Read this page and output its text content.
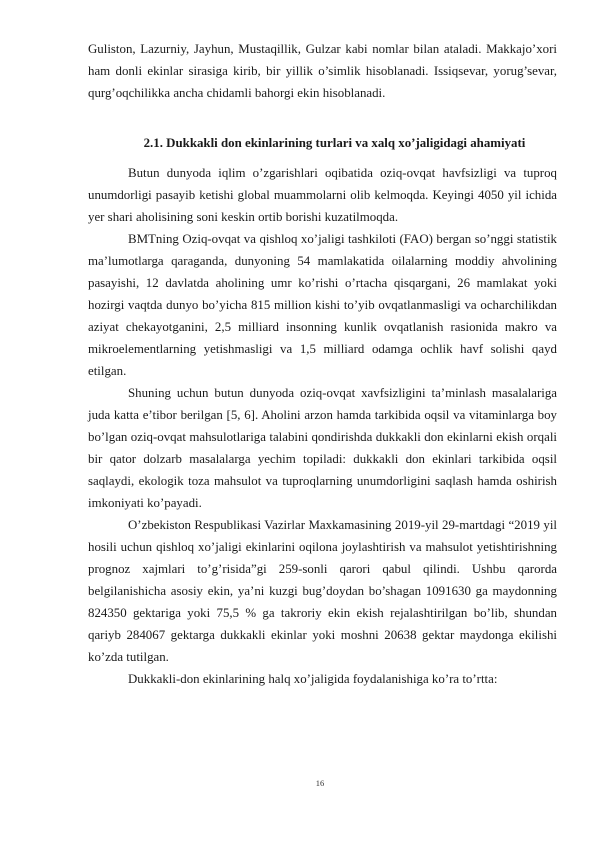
Guliston, Lazurniy, Jayhun, Mustaqillik, Gulzar kabi nomlar bilan ataladi. Makkajo’xori ham donli ekinlar sirasiga kirib, bir yillik o’simlik hisoblanadi. Issiqsevar, yorug’sevar, qurg’oqchilikka ancha chidamli bahorgi ekin hisoblanadi.

2.1. Dukkakli don ekinlarining turlari va xalq xo’jaligidagi ahamiyati

Butun dunyoda iqlim o’zgarishlari oqibatida oziq-ovqat havfsizligi va tuproq unumdorligi pasayib ketishi global muammolarni olib kelmoqda. Keyingi 4050 yil ichida yer shari aholisining soni keskin ortib borishi kuzatilmoqda.

BMTning Oziq-ovqat va qishloq xo’jaligi tashkiloti (FAO) bergan so’nggi statistik ma’lumotlarga qaraganda, dunyoning 54 mamlakatida oilalarning moddiy ahvolining pasayishi, 12 davlatda aholining umr ko’rishi o’rtacha qisqargani, 26 mamlakat yoki hozirgi vaqtda dunyo bo’yicha 815 million kishi to’yib ovqatlanmasligi va ocharchilikdan aziyat chekayotganini, 2,5 milliard insonning kunlik ovqatlanish rasionida makro va mikroelementlarning yetishmasligi va 1,5 milliard odamga ochlik havf solishi qayd etilgan.

Shuning uchun butun dunyoda oziq-ovqat xavfsizligini ta’minlash masalalariga juda katta e’tibor berilgan [5, 6]. Aholini arzon hamda tarkibida oqsil va vitaminlarga boy bo’lgan oziq-ovqat mahsulotlariga talabini qondirishda dukkakli don ekinlarni ekish orqali bir qator dolzarb masalalarga yechim topiladi: dukkakli don ekinlari tarkibida oqsil saqlaydi, ekologik toza mahsulot va tuproqlarning unumdorligini saqlash hamda oshirish imkoniyati ko’payadi.

O’zbekiston Respublikasi Vazirlar Maxkamasining 2019-yil 29-martdagi “2019 yil hosili uchun qishloq xo’jaligi ekinlarini oqilona joylashtirish va mahsulot yetishtirishning prognoz xajmlari to’g’risida”gi 259-sonli qarori qabul qilindi. Ushbu qarorda belgilanishicha asosiy ekin, ya’ni kuzgi bug’doydan bo’shagan 1091630 ga maydonning 824350 gektariga yoki 75,5 % ga takroriy ekin ekish rejalashtirilgan bo’lib, shundan qariyb 284067 gektarga dukkakli ekinlar yoki moshni 20638 gektar maydonga ekilishi ko’zda tutilgan.

Dukkakli-don ekinlarining halq xo’jaligida foydalanishiga ko’ra to’rtta:

16
